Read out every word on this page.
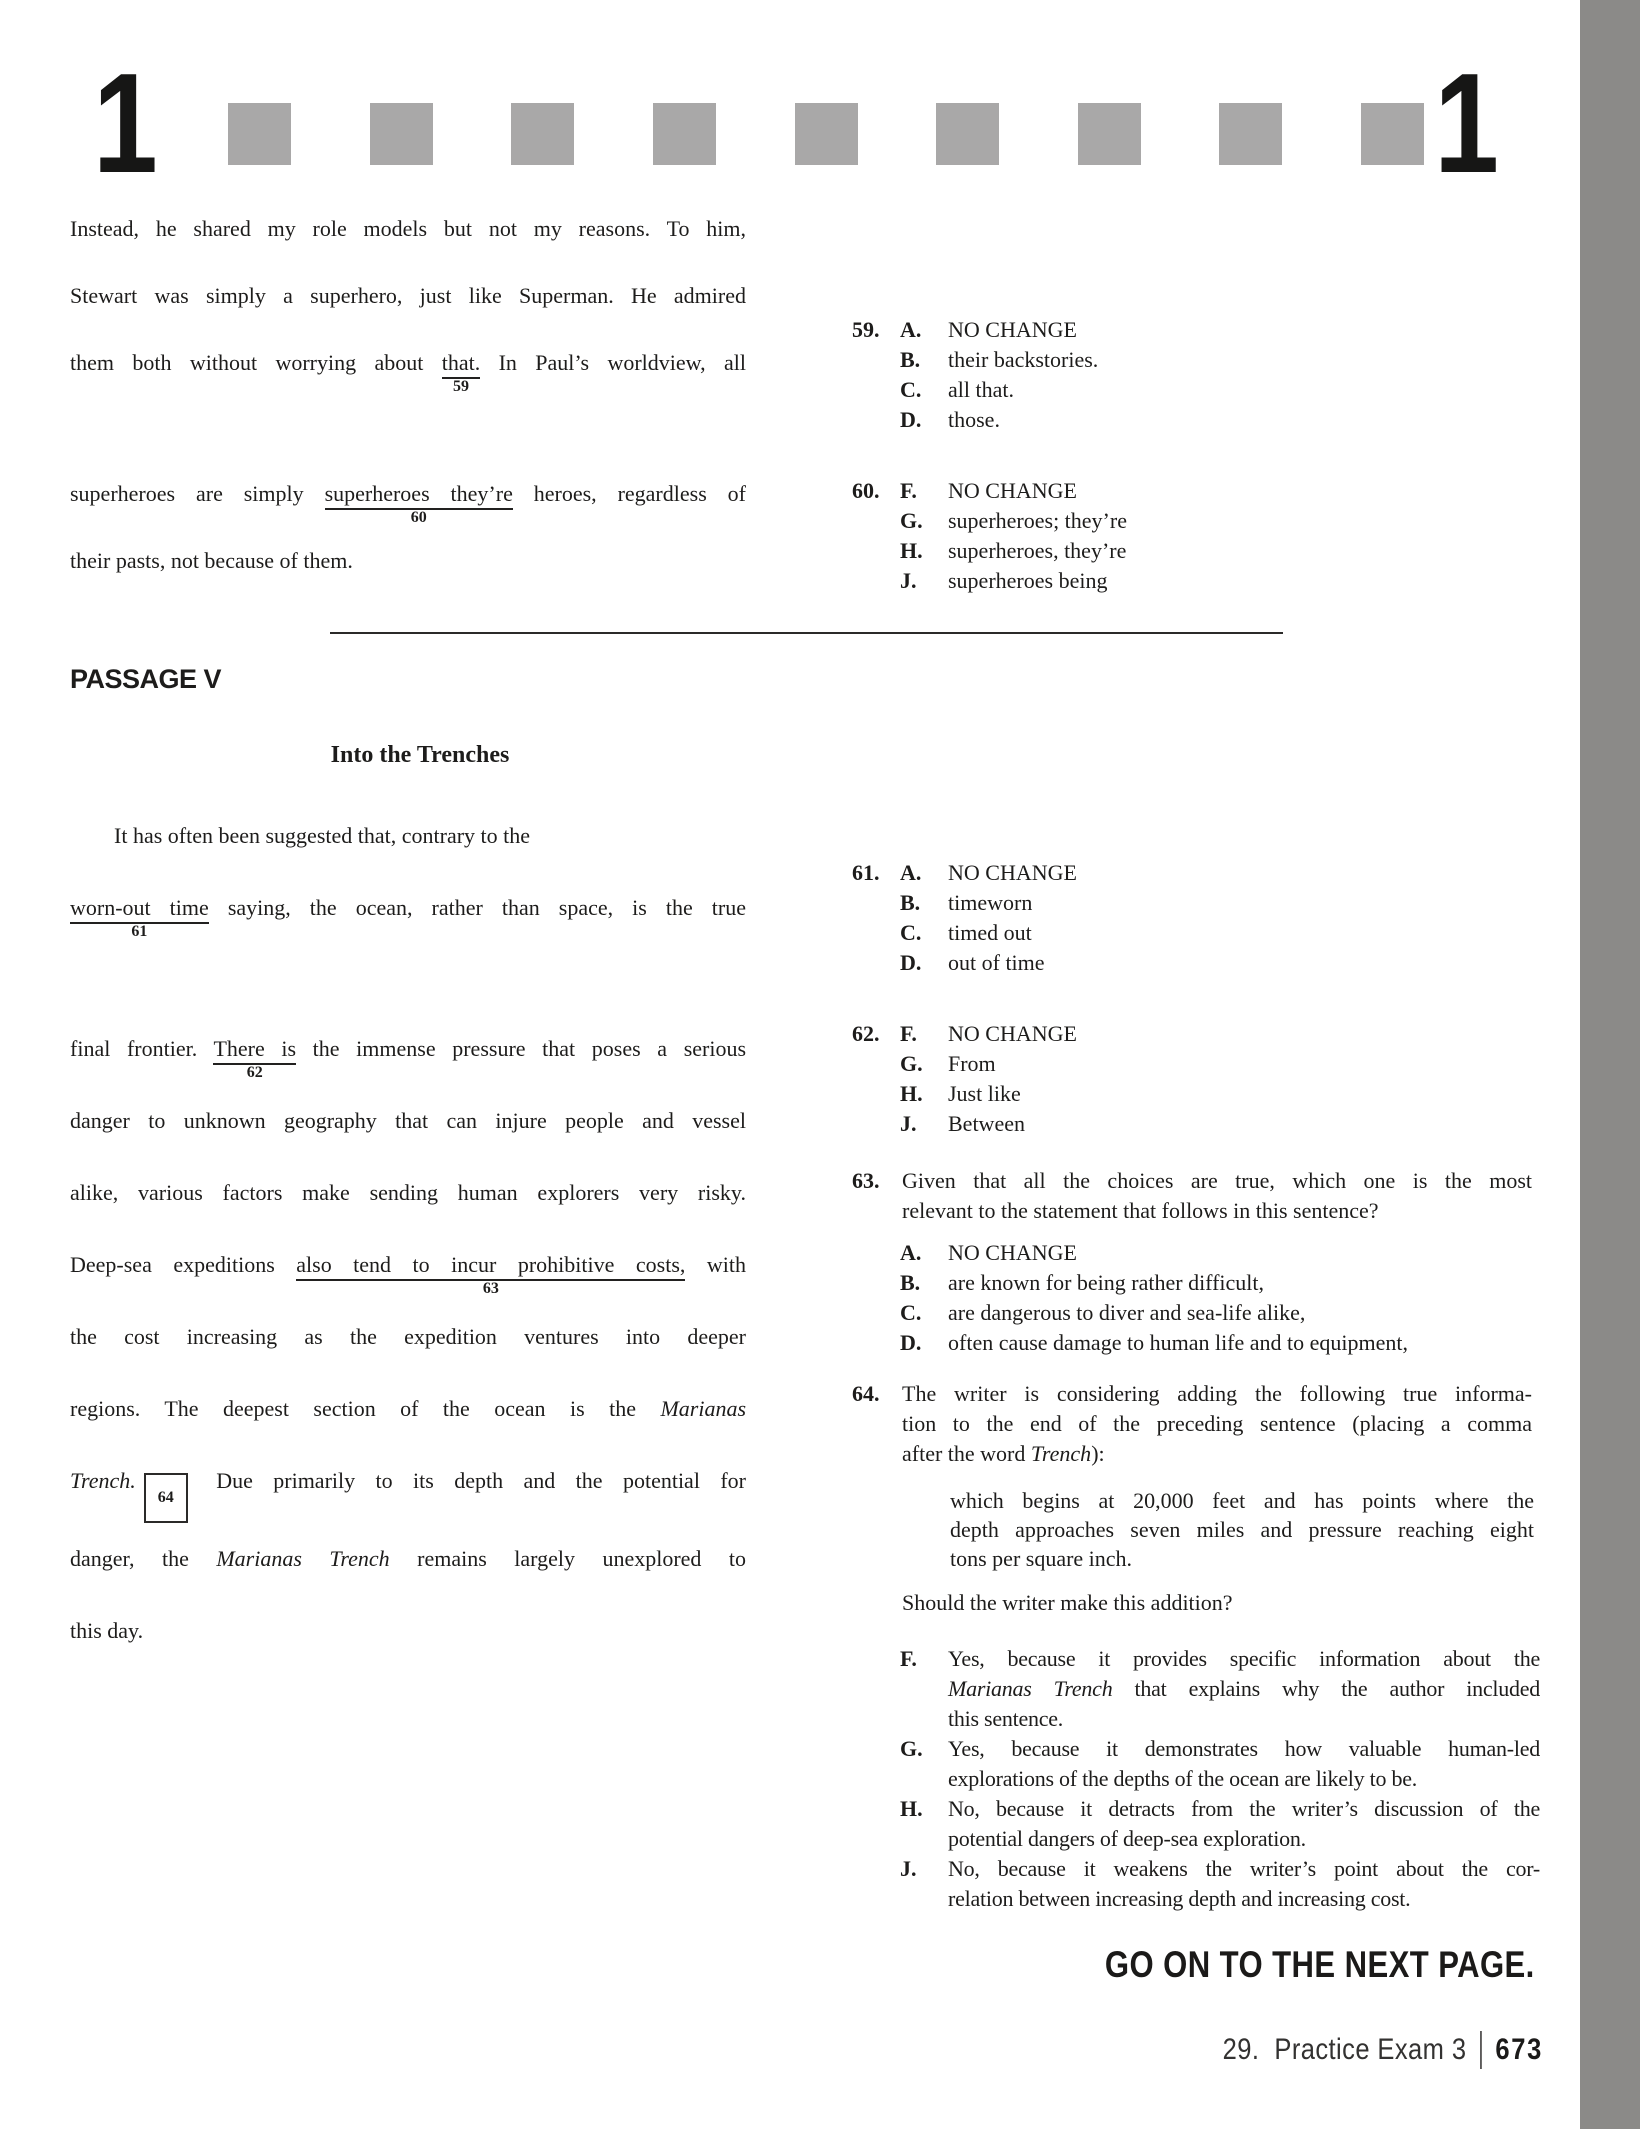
1	1
Instead, he shared my role models but not my reasons. To him,
Stewart was simply a superhero, just like Superman. He admired
them both without worrying about that.
59
In Paul’s worldview, all
superheroes are simply superheroes they’re
60
heroes, regardless of
their pasts, not because of them.
59. A. NO CHANGE
B. their backstories.
C. all that.
D. those.
60. F. NO CHANGE
G. superheroes; they’re
H. superheroes, they’re
J. superheroes being
PASSAGE V
Into the Trenches
It has often been suggested that, contrary to the
worn-out time
61
saying, the ocean, rather than space, is the true
final frontier. There is
62
the immense pressure that poses a serious
danger to unknown geography that can injure people and vessel
alike, various factors make sending human explorers very risky.
Deep-sea expeditions also tend to incur prohibitive costs,
63
with
the cost increasing as the expedition ventures into deeper
regions. The deepest section of the ocean is the Marianas
Trench.64 Due primarily to its depth and the potential for
danger, the Marianas Trench remains largely unexplored to
this day.
61. A. NO CHANGE
B. timeworn
C. timed out
D. out of time
62. F. NO CHANGE
G. From
H. Just like
J. Between
63. Given that all the choices are true, which one is the most
relevant to the statement that follows in this sentence?
A. NO CHANGE
B. are known for being rather difficult,
C. are dangerous to diver and sea-life alike,
D. often cause damage to human life and to equipment,
64. The writer is considering adding the following true informa-
tion to the end of the preceding sentence (placing a comma
after the word Trench):
which begins at 20,000 feet and has points where the
depth approaches seven miles and pressure reaching eight
tons per square inch.
Should the writer make this addition?
F. Yes, because it provides specific information about the
Marianas Trench that explains why the author included
this sentence.
G. Yes, because it demonstrates how valuable human-led
explorations of the depths of the ocean are likely to be.
H. No, because it detracts from the writer’s discussion of the
potential dangers of deep-sea exploration.
J. No, because it weakens the writer’s point about the cor-
relation between increasing depth and increasing cost.
GO ON TO THE NEXT PAGE.
29.  Practice Exam 3 673
